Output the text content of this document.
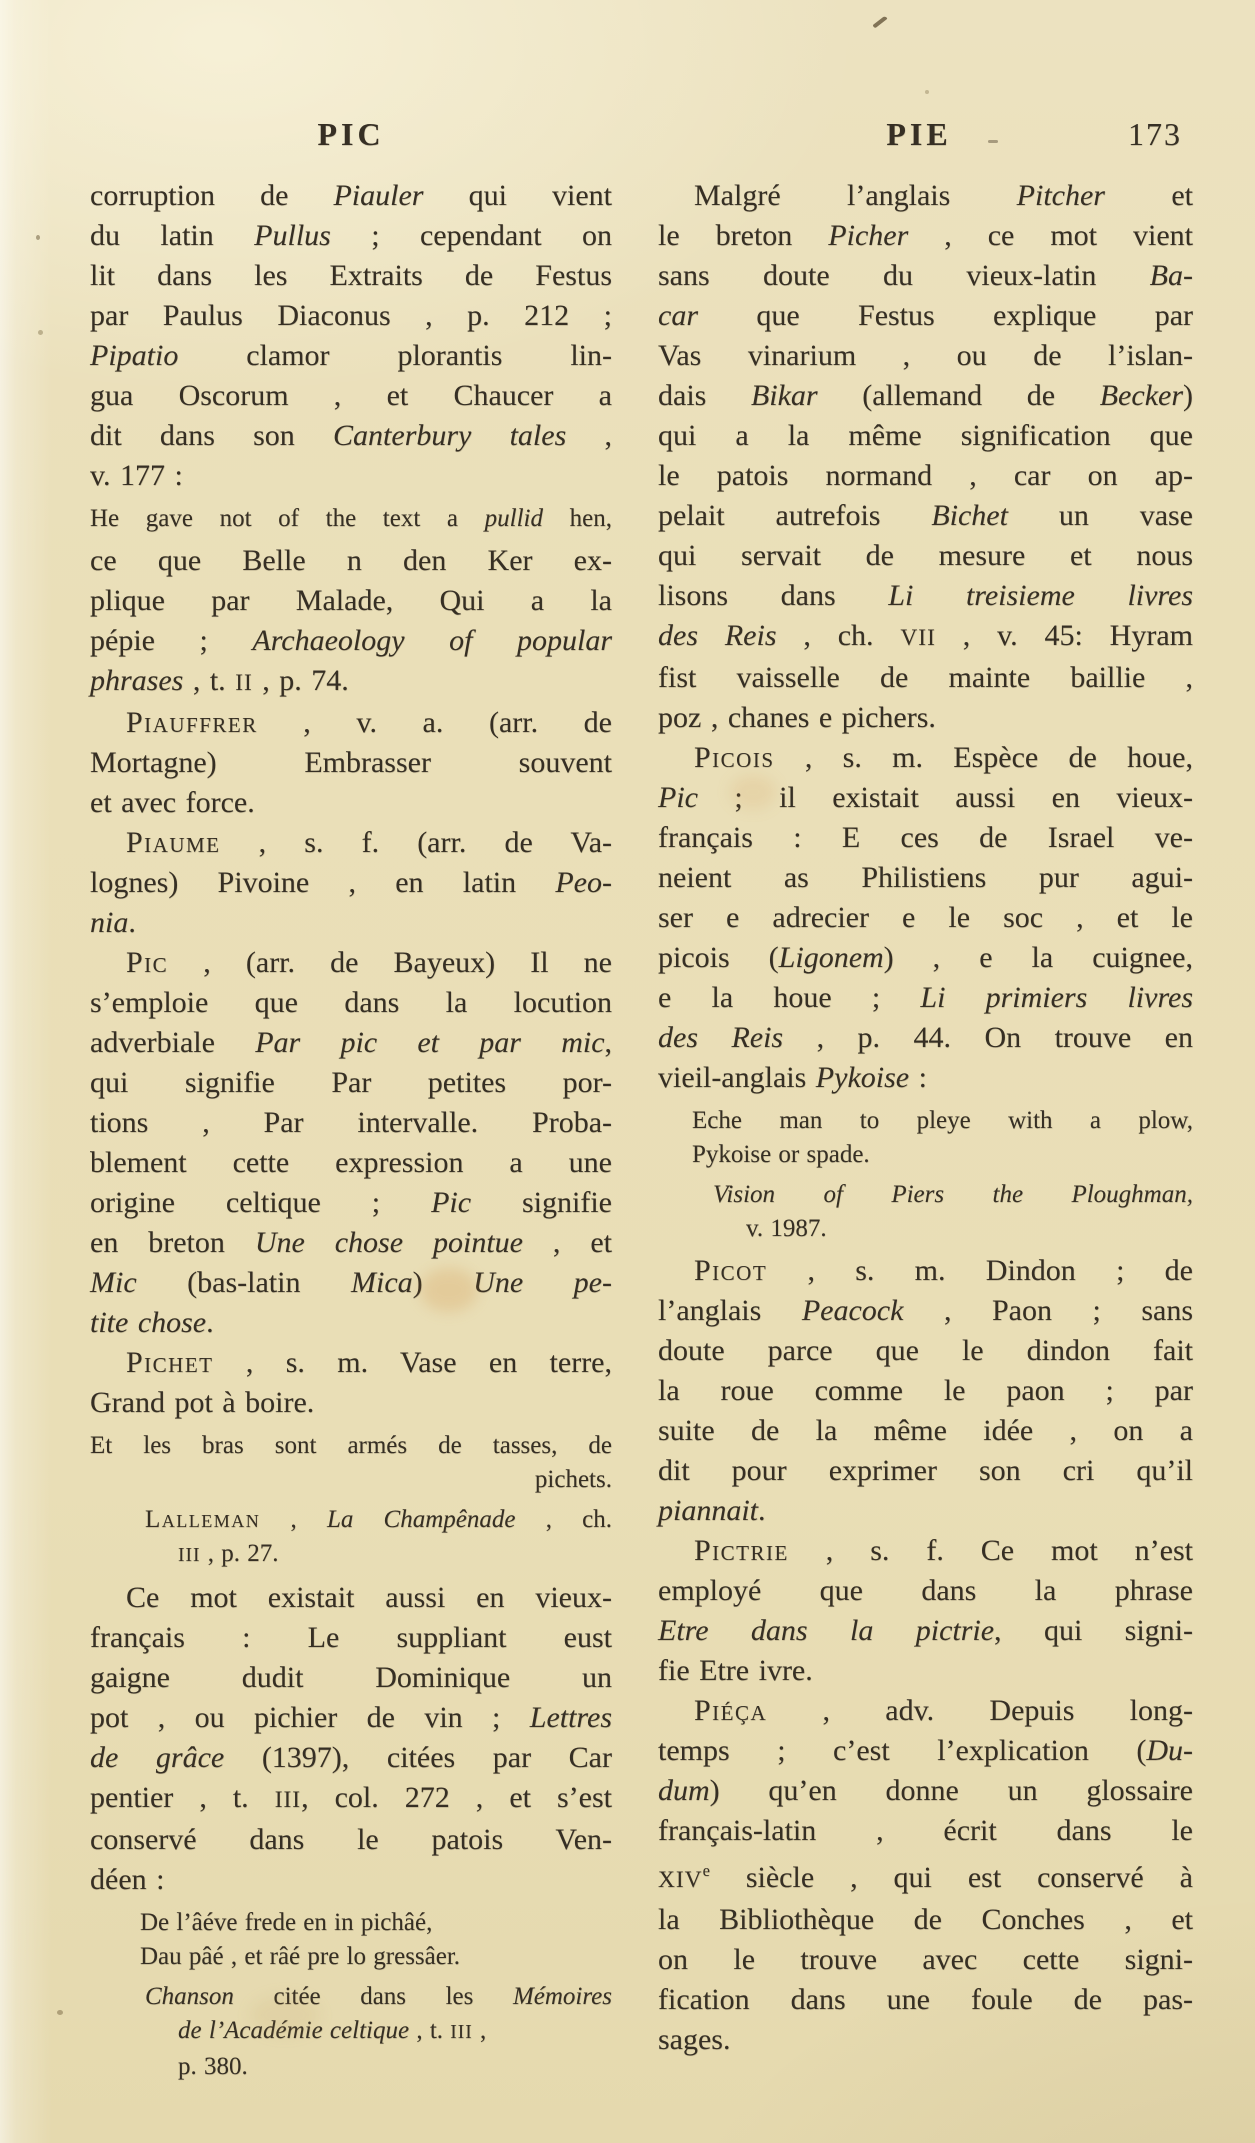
PIC	PIE	173
corruption de Piauler qui vient
du latin Pullus ; cependant on
lit dans les Extraits de Festus
par Paulus Diaconus , p. 212 ;
Pipatio clamor plorantis lin-
gua Oscorum , et Chaucer a
dit dans son Canterbury tales ,
v. 177 :
He gave not of the text a pullid hen,
ce que Belle n den Ker ex-
plique par Malade, Qui a la
pépie ; Archaeology of popular
phrases , t. II , p. 74.
Piauffrer , v. a. (arr. de
Mortagne) Embrasser souvent
et avec force.
Piaume , s. f. (arr. de Va-
lognes) Pivoine , en latin Peo-
nia.
Pic , (arr. de Bayeux) Il ne
s’emploie que dans la locution
adverbiale Par pic et par mic,
qui signifie Par petites por-
tions , Par intervalle. Proba-
blement cette expression a une
origine celtique ; Pic signifie
en breton Une chose pointue , et
Mic (bas-latin Mica) Une pe-
tite chose.
Pichet , s. m. Vase en terre,
Grand pot à boire.
Et les bras sont armés de tasses, de
pichets.
Lalleman , La Champênade , ch.
III , p. 27.
Ce mot existait aussi en vieux-
français : Le suppliant eust
gaigne dudit Dominique un
pot , ou pichier de vin ; Lettres
de grâce (1397), citées par Car
pentier , t. III, col. 272 , et s’est
conservé dans le patois Ven-
déen :
De l’âéve frede en in pichâé,
Dau pâé , et râé pre lo gressâer.
Chanson citée dans les Mémoires
de l’Académie celtique , t. III ,
p. 380.
Malgré l’anglais Pitcher et
le breton Picher , ce mot vient
sans doute du vieux-latin Ba-
car que Festus explique par
Vas vinarium , ou de l’islan-
dais Bikar (allemand de Becker)
qui a la même signification que
le patois normand , car on ap-
pelait autrefois Bichet un vase
qui servait de mesure et nous
lisons dans Li treisieme livres
des Reis , ch. VII , v. 45: Hyram
fist vaisselle de mainte baillie ,
poz , chanes e pichers.
Picois , s. m. Espèce de houe,
Pic ; il existait aussi en vieux-
français : E ces de Israel ve-
neient as Philistiens pur agui-
ser e adrecier e le soc , et le
picois (Ligonem) , e la cuignee,
e la houe ; Li primiers livres
des Reis , p. 44. On trouve en
vieil-anglais Pykoise :
Eche man to pleye with a plow,
Pykoise or spade.
Vision of Piers the Ploughman,
v. 1987.
Picot , s. m. Dindon ; de
l’anglais Peacock , Paon ; sans
doute parce que le dindon fait
la roue comme le paon ; par
suite de la même idée , on a
dit pour exprimer son cri qu’il
piannait.
Pictrie , s. f. Ce mot n’est
employé que dans la phrase
Etre dans la pictrie, qui signi-
fie Etre ivre.
Piéça , adv. Depuis long-
temps ; c’est l’explication (Du-
dum) qu’en donne un glossaire
français-latin , écrit dans le
XIVe siècle , qui est conservé à
la Bibliothèque de Conches , et
on le trouve avec cette signi-
fication dans une foule de pas-
sages.
